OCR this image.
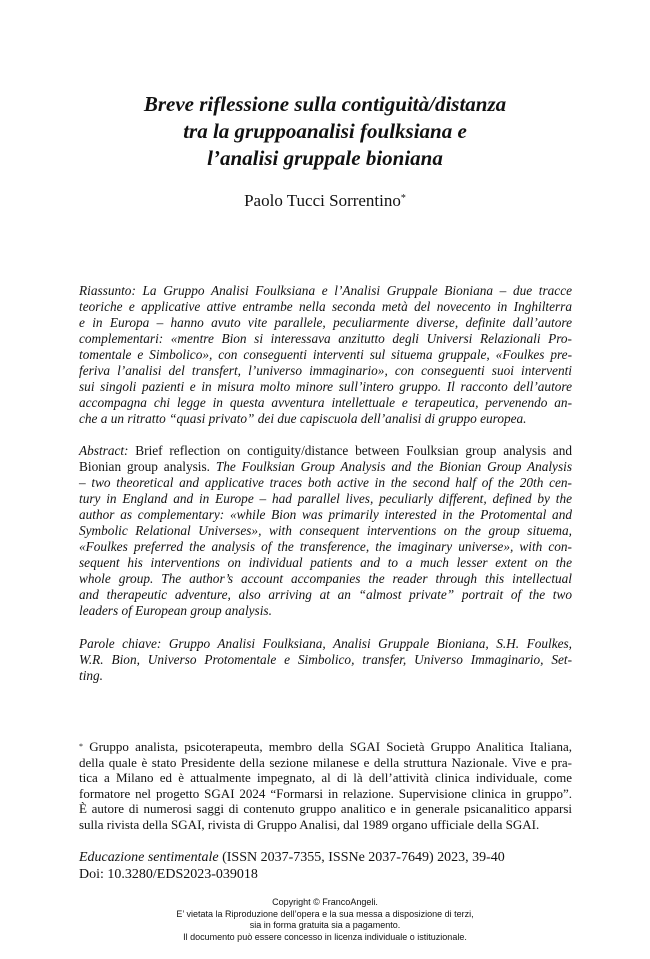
Breve riflessione sulla contiguità/distanza
tra la gruppoanalisi foulksiana e
l’analisi gruppale bioniana
Paolo Tucci Sorrentino*
Riassunto: La Gruppo Analisi Foulksiana e l’Analisi Gruppale Bioniana – due tracce
teoriche e applicative attive entrambe nella seconda metà del novecento in Inghilterra
e in Europa – hanno avuto vite parallele, peculiarmente diverse, definite dall’autore
complementari: «mentre Bion si interessava anzitutto degli Universi Relazionali Pro-
tomentale e Simbolico», con conseguenti interventi sul situema gruppale, «Foulkes pre-
feriva l’analisi del transfert, l’universo immaginario», con conseguenti suoi interventi
sui singoli pazienti e in misura molto minore sull’intero gruppo. Il racconto dell’autore
accompagna chi legge in questa avventura intellettuale e terapeutica, pervenendo an-
che a un ritratto “quasi privato” dei due capiscuola dell’analisi di gruppo europea.
Abstract: Brief reflection on contiguity/distance between Foulksian group analysis and
Bionian group analysis. The Foulksian Group Analysis and the Bionian Group Analysis
– two theoretical and applicative traces both active in the second half of the 20th cen-
tury in England and in Europe – had parallel lives, peculiarly different, defined by the
author as complementary: «while Bion was primarily interested in the Protomental and
Symbolic Relational Universes», with consequent interventions on the group situema,
«Foulkes preferred the analysis of the transference, the imaginary universe», with con-
sequent his interventions on individual patients and to a much lesser extent on the
whole group. The author’s account accompanies the reader through this intellectual
and therapeutic adventure, also arriving at an “almost private” portrait of the two
leaders of European group analysis.
Parole chiave: Gruppo Analisi Foulksiana, Analisi Gruppale Bioniana, S.H. Foulkes,
W.R. Bion, Universo Protomentale e Simbolico, transfer, Universo Immaginario, Set-
ting.
* Gruppo analista, psicoterapeuta, membro della SGAI Società Gruppo Analitica Italiana,
della quale è stato Presidente della sezione milanese e della struttura Nazionale. Vive e pra-
tica a Milano ed è attualmente impegnato, al di là dell’attività clinica individuale, come
formatore nel progetto SGAI 2024 “Formarsi in relazione. Supervisione clinica in gruppo”.
È autore di numerosi saggi di contenuto gruppo analitico e in generale psicanalitico apparsi
sulla rivista della SGAI, rivista di Gruppo Analisi, dal 1989 organo ufficiale della SGAI.
Educazione sentimentale (ISSN 2037-7355, ISSNe 2037-7649) 2023, 39-40
Doi: 10.3280/EDS2023-039018
Copyright © FrancoAngeli.
E’ vietata la Riproduzione dell’opera e la sua messa a disposizione di terzi,
sia in forma gratuita sia a pagamento.
Il documento può essere concesso in licenza individuale o istituzionale.
